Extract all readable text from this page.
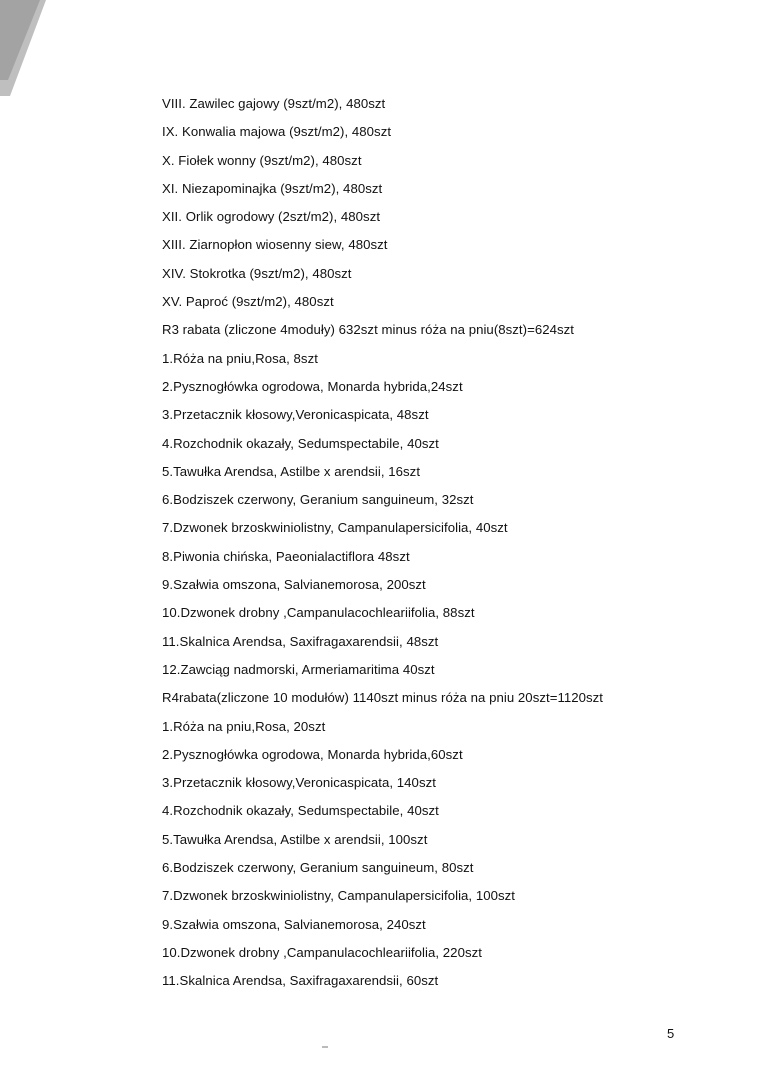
VIII. Zawilec gajowy (9szt/m2), 480szt
IX. Konwalia majowa (9szt/m2), 480szt
X. Fiołek wonny (9szt/m2), 480szt
XI. Niezapominajka (9szt/m2), 480szt
XII. Orlik ogrodowy (2szt/m2), 480szt
XIII. Ziarnopłon wiosenny siew, 480szt
XIV. Stokrotka (9szt/m2), 480szt
XV. Paproć (9szt/m2), 480szt
R3 rabata (zliczone 4moduły) 632szt minus róża na pniu(8szt)=624szt
1.Róża na pniu,Rosa, 8szt
2.Pysznogłówka ogrodowa, Monarda hybrida,24szt
3.Przetacznik kłosowy,Veronicaspicata, 48szt
4.Rozchodnik okazały, Sedumspectabile, 40szt
5.Tawułka Arendsa, Astilbe x arendsii, 16szt
6.Bodziszek czerwony, Geranium sanguineum, 32szt
7.Dzwonek brzoskwiniolistny, Campanulapersicifolia, 40szt
8.Piwonia chińska, Paeonialactiflora 48szt
9.Szałwia omszona, Salvianemorosa, 200szt
10.Dzwonek drobny ,Campanulacochleariifolia, 88szt
11.Skalnica Arendsa, Saxifragaxarendsii, 48szt
12.Zawciąg nadmorski, Armeriamaritima 40szt
R4rabata(zliczone 10 modułów) 1140szt minus róża na pniu 20szt=1120szt
1.Róża na pniu,Rosa, 20szt
2.Pysznogłówka ogrodowa, Monarda hybrida,60szt
3.Przetacznik kłosowy,Veronicaspicata, 140szt
4.Rozchodnik okazały, Sedumspectabile, 40szt
5.Tawułka Arendsa, Astilbe x arendsii, 100szt
6.Bodziszek czerwony, Geranium sanguineum, 80szt
7.Dzwonek brzoskwiniolistny, Campanulapersicifolia, 100szt
9.Szałwia omszona, Salvianemorosa, 240szt
10.Dzwonek drobny ,Campanulacochleariifolia, 220szt
11.Skalnica Arendsa, Saxifragaxarendsii, 60szt
5
